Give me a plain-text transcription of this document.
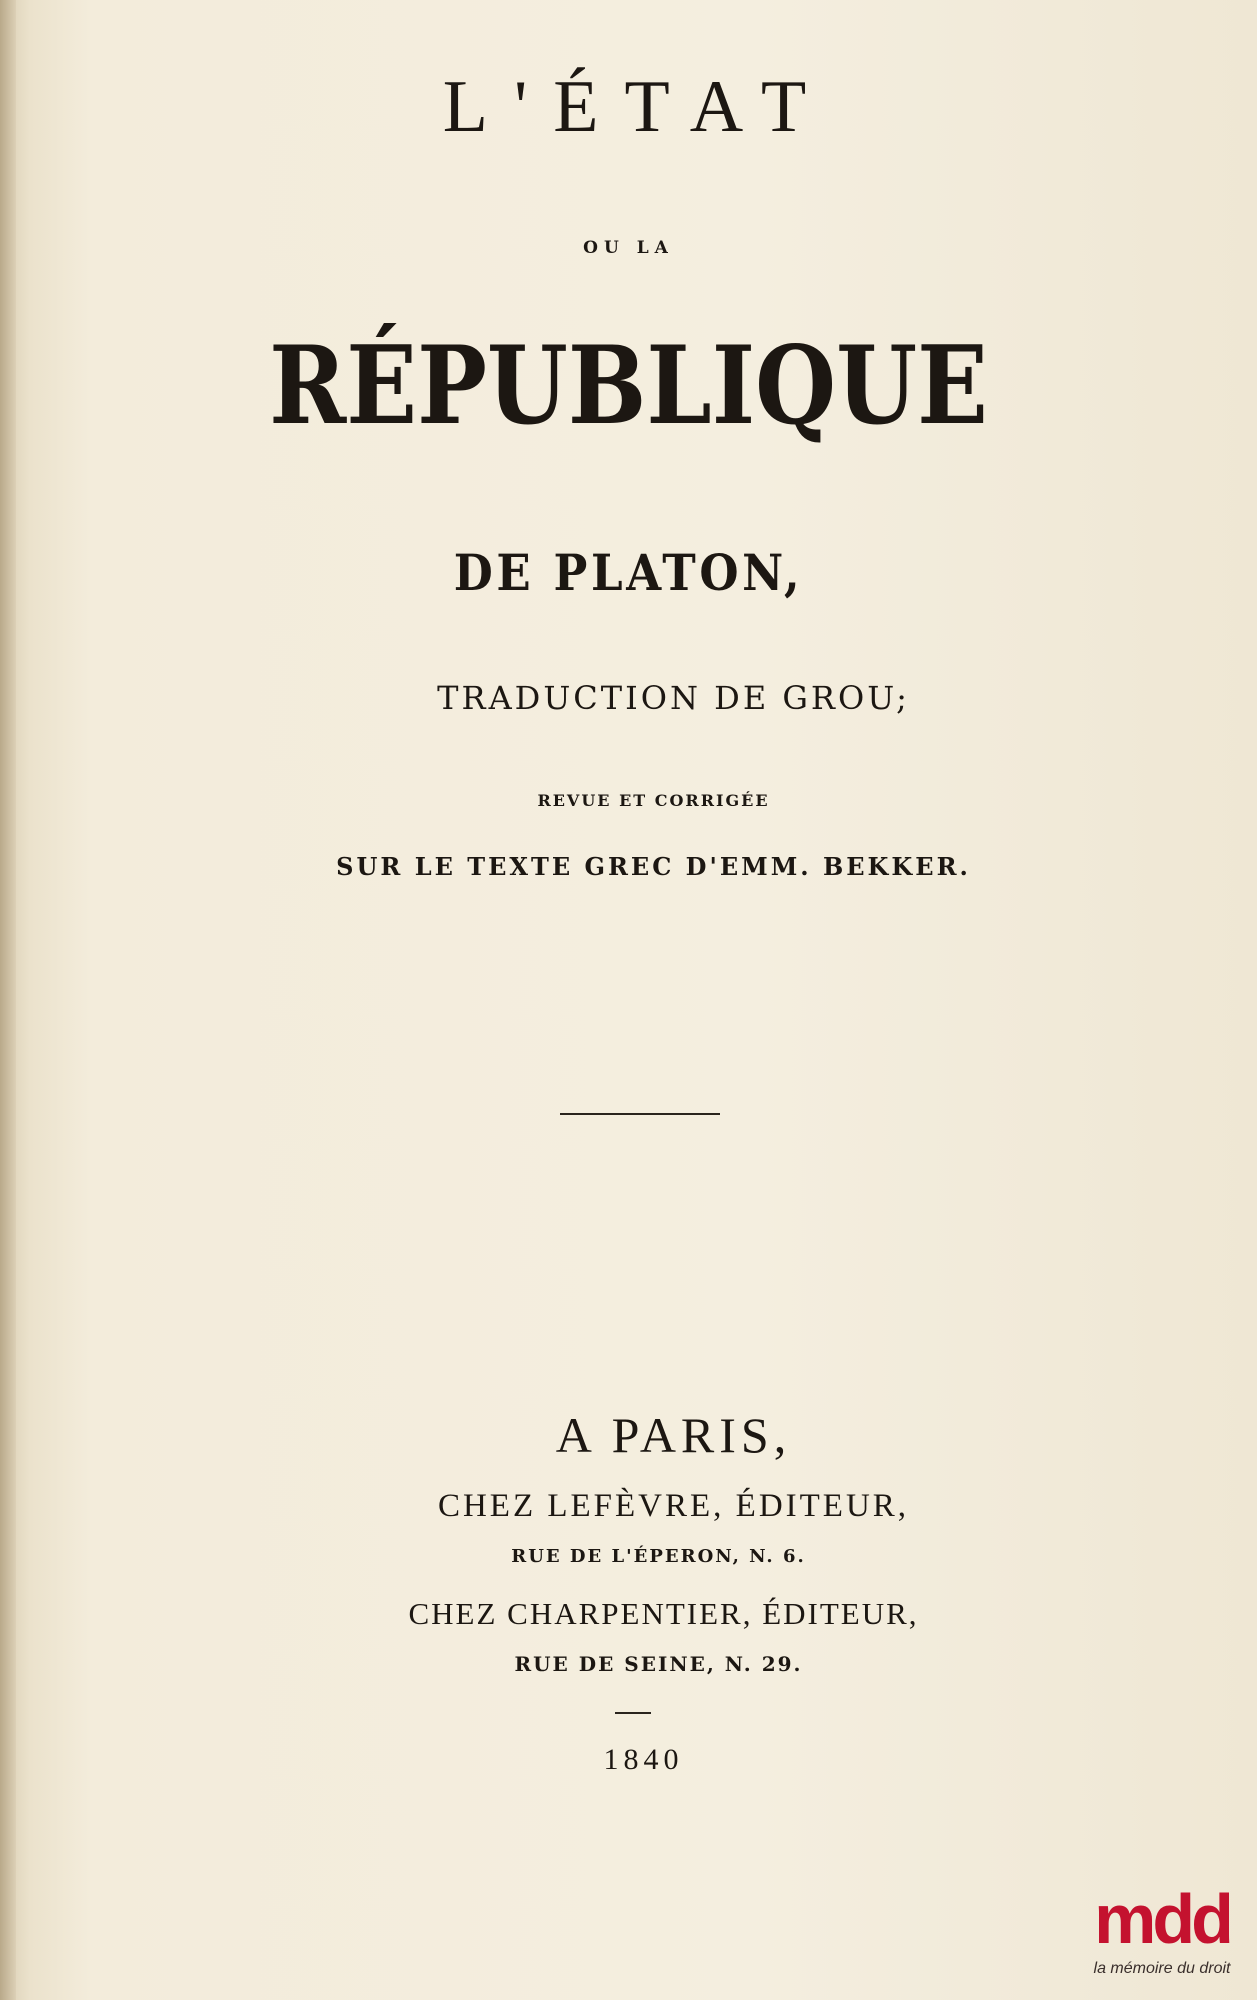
L'ÉTAT
OU LA
RÉPUBLIQUE
DE PLATON,
TRADUCTION DE GROU;
REVUE ET CORRIGÉE
SUR LE TEXTE GREC D'EMM. BEKKER.
A PARIS,
CHEZ LEFÈVRE, ÉDITEUR,
RUE DE L'ÉPERON, N. 6.
CHEZ CHARPENTIER, ÉDITEUR,
RUE DE SEINE, N. 29.
1840
mdd
la mémoire du droit
